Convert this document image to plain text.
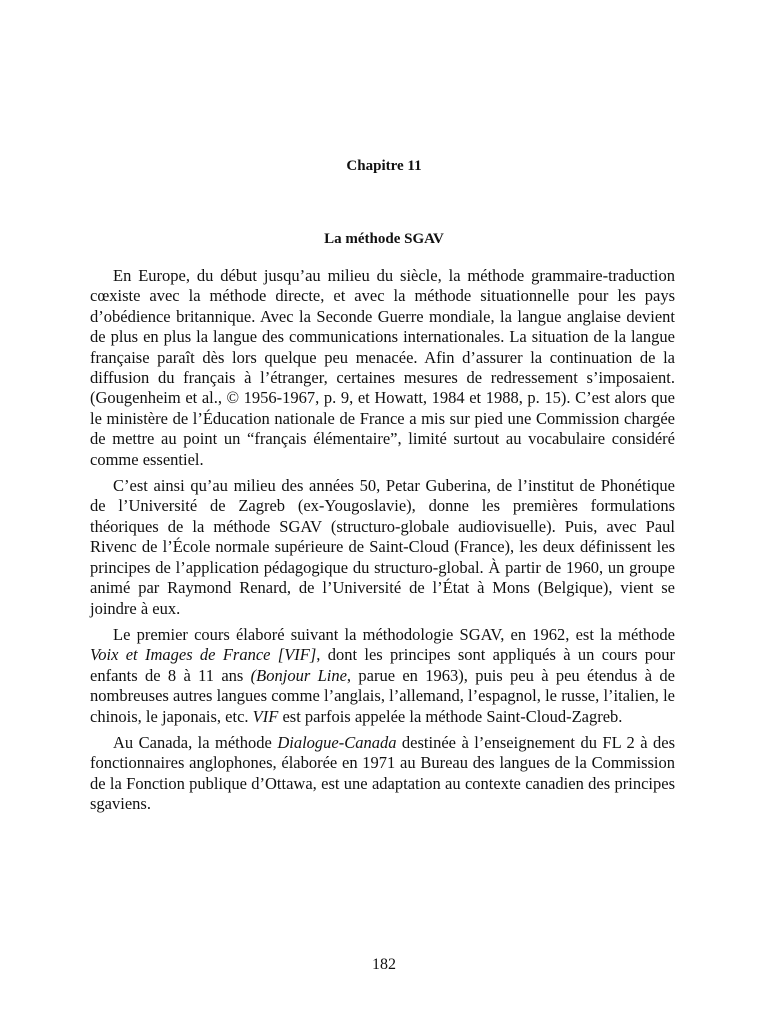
Chapitre 11
La méthode SGAV

En Europe, du début jusqu’au milieu du siècle, la méthode grammaire-traduction cœxiste avec la méthode directe, et avec la méthode situationnelle pour les pays d’obédience britannique. Avec la Seconde Guerre mondiale, la langue anglaise devient de plus en plus la langue des communications internationales. La situation de la langue française paraît dès lors quelque peu menacée. Afin d’assurer la continuation de la diffusion du français à l’étranger, certaines mesures de redressement s’imposaient. (Gougenheim et al., © 1956-1967, p. 9, et Howatt, 1984 et 1988, p. 15). C’est alors que le ministère de l’Éducation nationale de France a mis sur pied une Commission chargée de mettre au point un “français élémentaire”, limité surtout au vocabulaire considéré comme essentiel.

C’est ainsi qu’au milieu des années 50, Petar Guberina, de l’institut de Phonétique de l’Université de Zagreb (ex-Yougoslavie), donne les premières formulations théoriques de la méthode SGAV (structuro-globale audiovisuelle). Puis, avec Paul Rivenc de l’École normale supérieure de Saint-Cloud (France), les deux définissent les principes de l’application pédagogique du structuro-global. À partir de 1960, un groupe animé par Raymond Renard, de l’Université de l’État à Mons (Belgique), vient se joindre à eux.

Le premier cours élaboré suivant la méthodologie SGAV, en 1962, est la méthode Voix et Images de France [VIF], dont les principes sont appliqués à un cours pour enfants de 8 à 11 ans (Bonjour Line, parue en 1963), puis peu à peu étendus à de nombreuses autres langues comme l’anglais, l’allemand, l’espagnol, le russe, l’italien, le chinois, le japonais, etc. VIF est parfois appelée la méthode Saint-Cloud-Zagreb.

Au Canada, la méthode Dialogue-Canada destinée à l’enseignement du FL 2 à des fonctionnaires anglophones, élaborée en 1971 au Bureau des langues de la Commission de la Fonction publique d’Ottawa, est une adaptation au contexte canadien des principes sgaviens.

182
